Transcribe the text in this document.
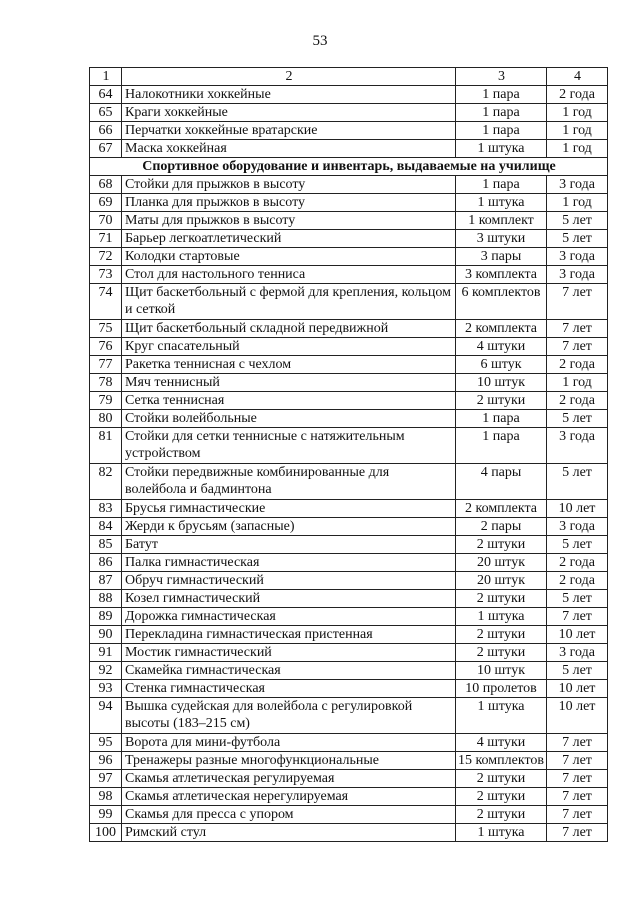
53
1	2	3	4
64	Налокотники хоккейные	1 пара	2 года
65	Краги хоккейные	1 пара	1 год
66	Перчатки хоккейные вратарские	1 пара	1 год
67	Маска хоккейная	1 штука	1 год
Спортивное оборудование и инвентарь, выдаваемые на училище			
68	Стойки для прыжков в высоту	1 пара	3 года
69	Планка для прыжков в высоту	1 штука	1 год
70	Маты для прыжков в высоту	1 комплект	5 лет
71	Барьер легкоатлетический	3 штуки	5 лет
72	Колодки стартовые	3 пары	3 года
73	Стол для настольного тенниса	3 комплекта	3 года
74	Щит баскетбольный с фермой для крепления, кольцом и сеткой	6 комплектов	7 лет
75	Щит баскетбольный складной передвижной	2 комплекта	7 лет
76	Круг спасательный	4 штуки	7 лет
77	Ракетка теннисная с чехлом	6 штук	2 года
78	Мяч теннисный	10 штук	1 год
79	Сетка теннисная	2 штуки	2 года
80	Стойки волейбольные	1 пара	5 лет
81	Стойки для сетки теннисные с натяжительным устройством	1 пара	3 года
82	Стойки передвижные комбинированные для волейбола и бадминтона	4 пары	5 лет
83	Брусья гимнастические	2 комплекта	10 лет
84	Жерди к брусьям (запасные)	2 пары	3 года
85	Батут	2 штуки	5 лет
86	Палка гимнастическая	20 штук	2 года
87	Обруч гимнастический	20 штук	2 года
88	Козел гимнастический	2 штуки	5 лет
89	Дорожка гимнастическая	1 штука	7 лет
90	Перекладина гимнастическая пристенная	2 штуки	10 лет
91	Мостик гимнастический	2 штуки	3 года
92	Скамейка гимнастическая	10 штук	5 лет
93	Стенка гимнастическая	10 пролетов	10 лет
94	Вышка судейская для волейбола с регулировкой высоты (183–215 см)	1 штука	10 лет
95	Ворота для мини-футбола	4 штуки	7 лет
96	Тренажеры разные многофункциональные	15 комплектов	7 лет
97	Скамья атлетическая регулируемая	2 штуки	7 лет
98	Скамья атлетическая нерегулируемая	2 штуки	7 лет
99	Скамья для пресса с упором	2 штуки	7 лет
100	Римский стул	1 штука	7 лет
